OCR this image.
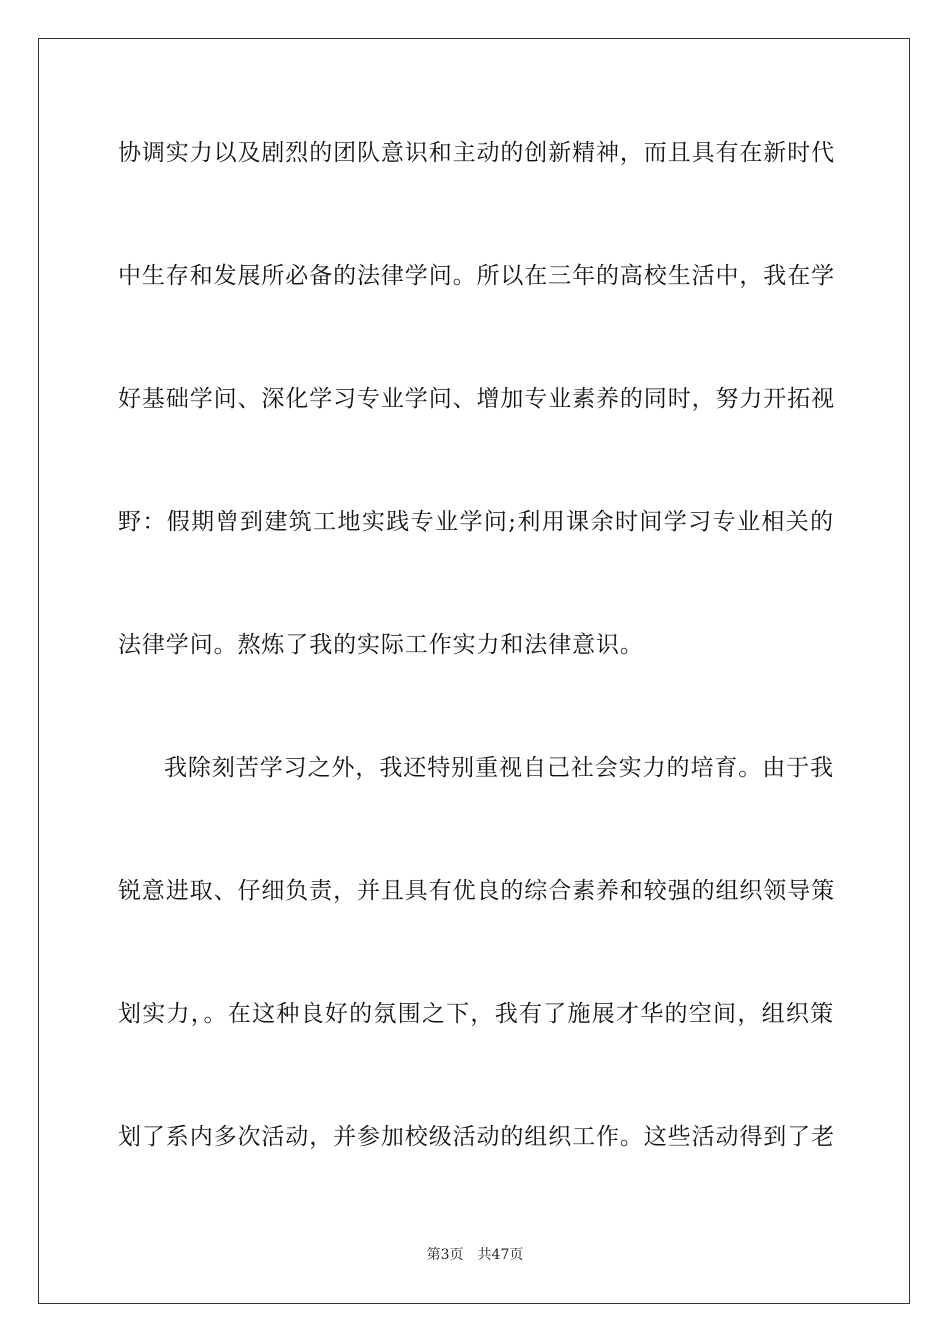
协调实力以及剧烈的团队意识和主动的创新精神，而且具有在新时代
中生存和发展所必备的法律学问。所以在三年的高校生活中，我在学
好基础学问、深化学习专业学问、增加专业素养的同时，努力开拓视
野：假期曾到建筑工地实践专业学问;利用课余时间学习专业相关的
法律学问。熬炼了我的实际工作实力和法律意识。
我除刻苦学习之外，我还特别重视自己社会实力的培育。由于我
锐意进取、仔细负责，并且具有优良的综合素养和较强的组织领导策
划实力，。在这种良好的氛围之下，我有了施展才华的空间，组织策
划了系内多次活动，并参加校级活动的组织工作。这些活动得到了老
第3页 共47页
